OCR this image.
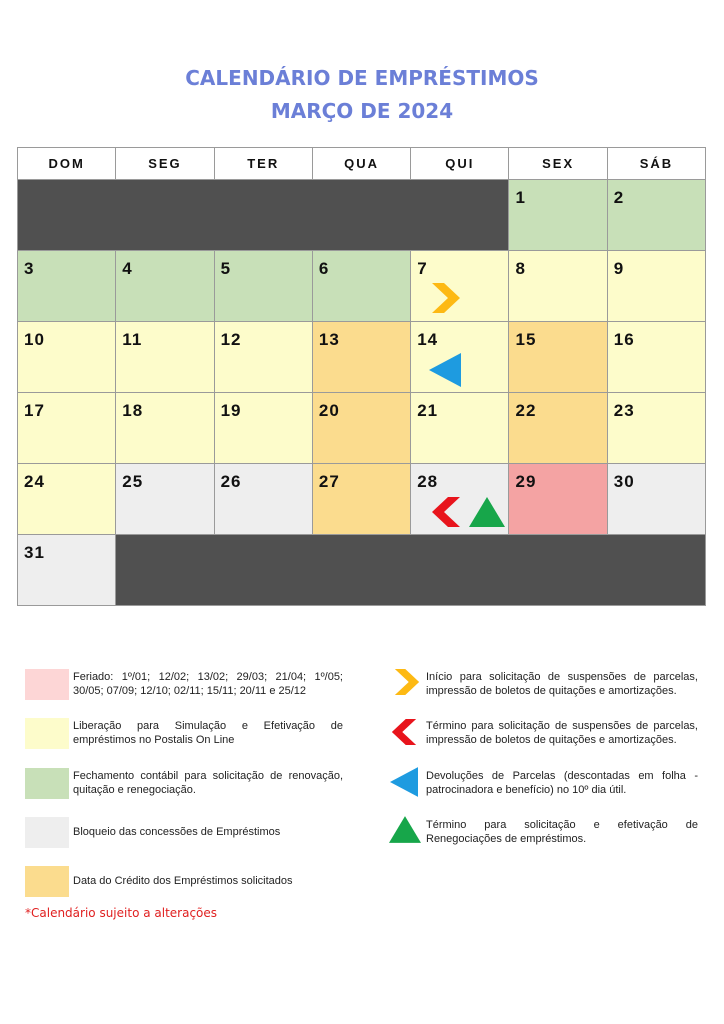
CALENDÁRIO DE EMPRÉSTIMOS
MARÇO DE 2024
DOM	SEG	TER	QUA	QUI	SEX	SÁB

					1	2

3	4	5	6	7	8	9

10	11	12	13	14	15	16

17	18	19	20	21	22	23

24	25	26	27	28	29	30

31						

Feriado: 1º/01; 12/02; 13/02; 29/03; 21/04; 1º/05; 30/05; 07/09; 12/10; 02/11; 15/11; 20/11 e 25/12
Liberação para Simulação e Efetivação de empréstimos no Postalis On Line
Fechamento contábil para solicitação de renovação, quitação e renegociação.
Bloqueio das concessões de Empréstimos
Data do Crédito dos Empréstimos solicitados
Início para solicitação de suspensões de parcelas, impressão de boletos de quitações e amortizações.
Término para solicitação de suspensões de parcelas, impressão de boletos de quitações e amortizações.
Devoluções de Parcelas (descontadas em folha - patrocinadora e benefício) no 10º dia útil.
Término para solicitação e efetivação de Renegociações de empréstimos.
*Calendário sujeito a alterações
